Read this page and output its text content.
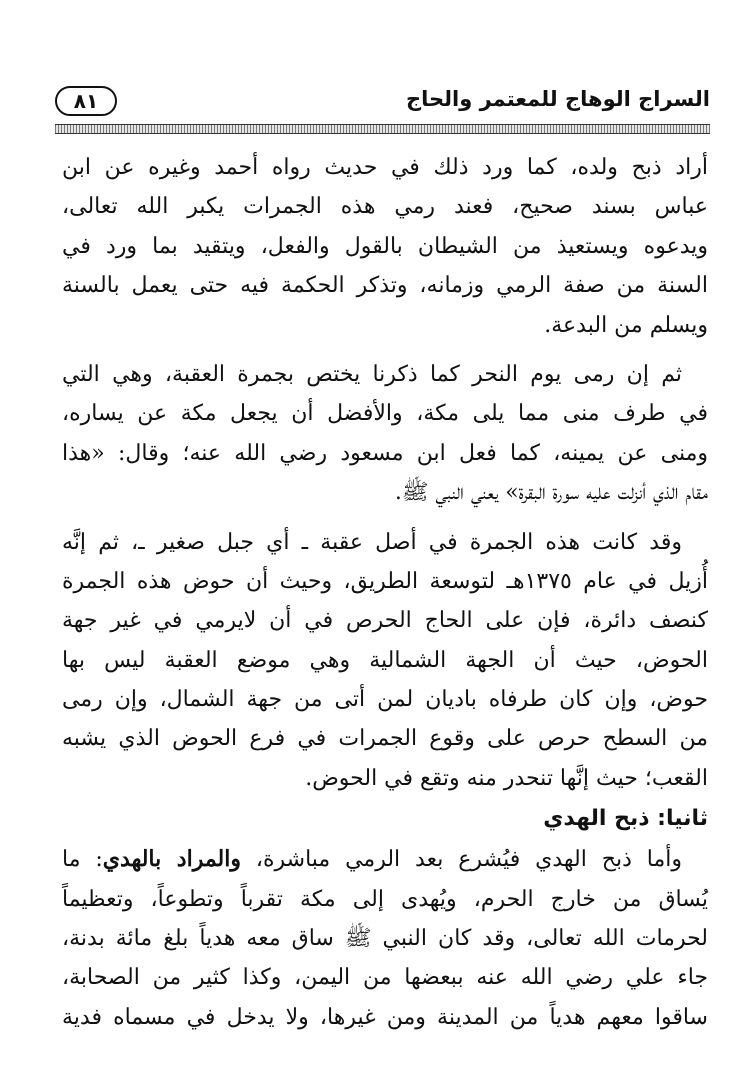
٨١	السراج الوهاج للمعتمر والحاج
أراد ذبح ولده، كما ورد ذلك في حديث رواه أحمد وغيره عن ابن
عباس بسند صحيح، فعند رمي هذه الجمرات يكبر الله تعالى،
ويدعوه ويستعيذ من الشيطان بالقول والفعل، ويتقيد بما ورد في
السنة من صفة الرمي وزمانه، وتذكر الحكمة فيه حتى يعمل بالسنة
ويسلم من البدعة.
ثم إن رمى يوم النحر كما ذكرنا يختص بجمرة العقبة، وهي التي
في طرف منى مما يلى مكة، والأفضل أن يجعل مكة عن يساره،
ومنى عن يمينه، كما فعل ابن مسعود رضي الله عنه؛ وقال: «هذا
مقام الذي أنزلت عليه سورة البقرة» يعني النبي ﷺ.
وقد كانت هذه الجمرة في أصل عقبة ـ أي جبل صغير ـ، ثم إنَّه
أُزيل في عام ١٣٧٥هـ لتوسعة الطريق، وحيث أن حوض هذه الجمرة
كنصف دائرة، فإن على الحاج الحرص في أن لايرمي في غير جهة
الحوض، حيث أن الجهة الشمالية وهي موضع العقبة ليس بها
حوض، وإن كان طرفاه باديان لمن أتى من جهة الشمال، وإن رمى
من السطح حرص على وقوع الجمرات في فرع الحوض الذي يشبه
القعب؛ حيث إنَّها تنحدر منه وتقع في الحوض.
ثانيا: ذبح الهدي
وأما ذبح الهدي فيُشرع بعد الرمي مباشرة، والمراد بالهدي: ما
يُساق من خارج الحرم، ويُهدى إلى مكة تقرباً وتطوعاً، وتعظيماً
لحرمات الله تعالى، وقد كان النبي ﷺ ساق معه هدياً بلغ مائة بدنة،
جاء علي رضي الله عنه ببعضها من اليمن، وكذا كثير من الصحابة،
ساقوا معهم هدياً من المدينة ومن غيرها، ولا يدخل في مسماه فدية
